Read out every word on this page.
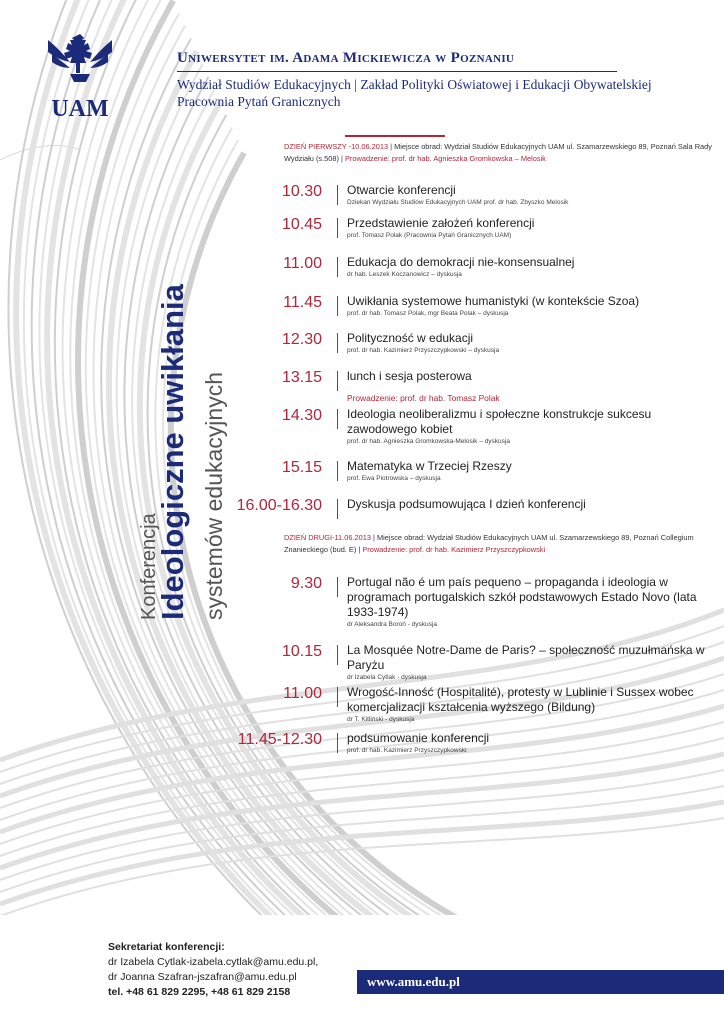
UAM
Uniwersytet im. Adama Mickiewicza w Poznaniu
Wydział Studiów Edukacyjnych | Zakład Polityki Oświatowej i Edukacji Obywatelskiej
Pracownia Pytań Granicznych
Konferencja
Ideologiczne uwikłania systemów edukacyjnych
DZIEŃ PIERWSZY -10.06.2013 | Miejsce obrad: Wydział Studiów Edukacyjnych UAM ul. Szamarzewskiego 89, Poznań Sala Rady Wydziału (s.508) | Prowadzenie: prof. dr hab. Agnieszka Gromkowska – Melosik
10.30 Otwarcie konferencji
Dziekan Wydziału Studiów Edukacyjnych UAM prof. dr hab. Zbyszko Melosik
10.45 Przedstawienie założeń konferencji
prof. Tomasz Polak (Pracownia Pytań Granicznych UAM)
11.00 Edukacja do demokracji nie-konsensualnej
dr hab. Leszek Koczanowicz – dyskusja
11.45 Uwikłania systemowe humanistyki (w kontekście Szoa)
prof. dr hab. Tomasz Polak, mgr Beata Polak – dyskusja
12.30 Polityczność w edukacji
prof. dr hab. Kazimierz Przyszczypkowski – dyskusja
13.15 lunch i sesja posterowa
14.30 Ideologia neoliberalizmu i społeczne konstrukcje sukcesu zawodowego kobiet
prof. dr hab. Agnieszka Gromkowska-Melosik – dyskusja
15.15 Matematyka w Trzeciej Rzeszy
prof. Ewa Piotrowska – dyskusja
16.00-16.30 Dyskusja podsumowująca I dzień konferencji
Prowadzenie: prof. dr hab. Tomasz Polak
DZIEŃ DRUGI-11.06.2013 | Miejsce obrad: Wydział Studiów Edukacyjnych UAM ul. Szamarzewskiego 89, Poznań Collegium Znanieckiego (bud. E) | Prowadzenie: prof. dr hab. Kazimierz Przyszczypkowski
9.30 Portugal não é um país pequeno – propaganda i ideologia w programach portugalskich szkół podstawowych Estado Novo (lata 1933-1974)
dr Aleksandra Boroń - dyskusja
10.15 La Mosquée Notre-Dame de Paris? – społeczność muzułmańska w Paryżu
dr Izabela Cytlak - dyskusja
11.00 Wrogość-Inność (Hospitalité), protesty w Lublinie i Sussex wobec komercjalizacji kształcenia wyższego (Bildung)
dr T. Kitliński - dyskusja
11.45-12.30 podsumowanie konferencji
prof. dr hab. Kazimierz Przyszczypkowski
Sekretariat konferencji:
dr Izabela Cytlak-izabela.cytlak@amu.edu.pl,
dr Joanna Szafran-jszafran@amu.edu.pl
tel. +48 61 829 2295, +48 61 829 2158
www.amu.edu.pl
